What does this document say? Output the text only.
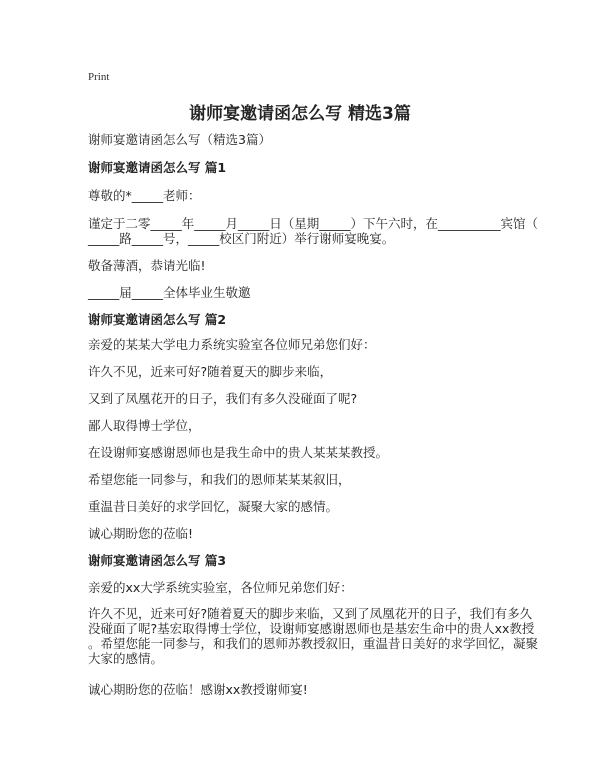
Print
谢师宴邀请函怎么写 精选3篇
谢师宴邀请函怎么写（精选3篇）
谢师宴邀请函怎么写 篇1
尊敬的*_____老师：
谨定于二零_____年_____月_____日（星期_____）下午六时，在__________宾馆（
_____路_____号，_____校区门附近）举行谢师宴晚宴。
敬备薄酒，恭请光临!
_____届_____全体毕业生敬邀
谢师宴邀请函怎么写 篇2
亲爱的某某大学电力系统实验室各位师兄弟您们好：
许久不见，近来可好?随着夏天的脚步来临，
又到了凤凰花开的日子，我们有多久没碰面了呢?
鄙人取得博士学位，
在设谢师宴感谢恩师也是我生命中的贵人某某某教授。
希望您能一同参与，和我们的恩师某某某叙旧，
重温昔日美好的求学回忆，凝聚大家的感情。
诚心期盼您的莅临!
谢师宴邀请函怎么写 篇3
亲爱的xx大学系统实验室，各位师兄弟您们好：
许久不见，近来可好?随着夏天的脚步来临，又到了凤凰花开的日子，我们有多久
没碰面了呢?基宏取得博士学位，设谢师宴感谢恩师也是基宏生命中的贵人xx教授
。希望您能一同参与，和我们的恩师苏教授叙旧，重温昔日美好的求学回忆，凝聚
大家的感情。
诚心期盼您的莅临！感谢xx教授谢师宴!
